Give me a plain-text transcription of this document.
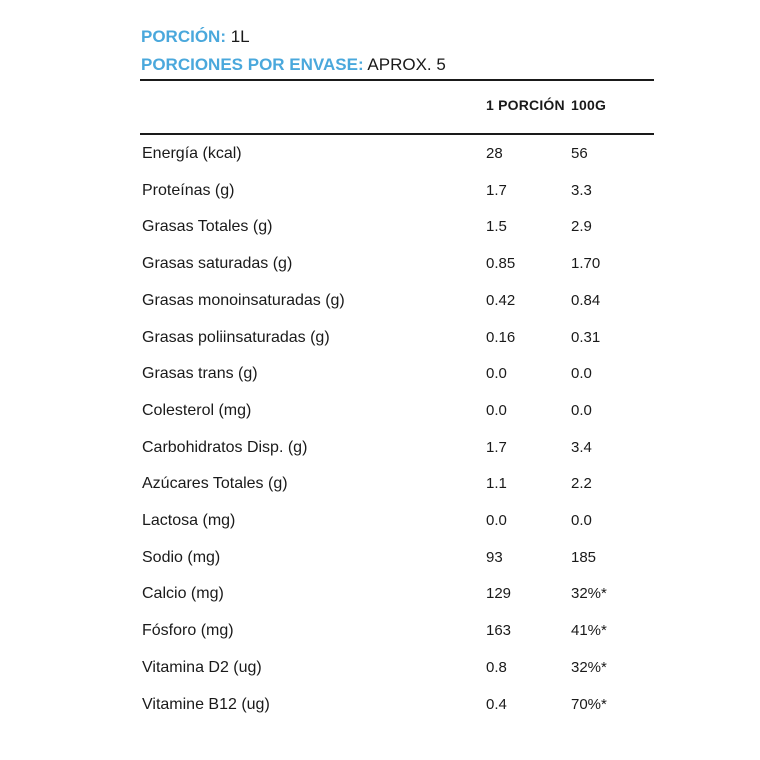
PORCIÓN: 1L
PORCIONES POR ENVASE: APROX. 5
1 PORCIÓN 100G
Energía (kcal)	28	56
Proteínas (g)	1.7	3.3
Grasas Totales (g)	1.5	2.9
Grasas saturadas (g)	0.85	1.70
Grasas monoinsaturadas (g)	0.42	0.84
Grasas poliinsaturadas (g)	0.16	0.31
Grasas trans (g)	0.0	0.0
Colesterol (mg)	0.0	0.0
Carbohidratos Disp. (g)	1.7	3.4
Azúcares Totales (g)	1.1	2.2
Lactosa (mg)	0.0	0.0
Sodio (mg)	93	185
Calcio (mg)	129	32%*
Fósforo (mg)	163	41%*
Vitamina D2 (ug)	0.8	32%*
Vitamine B12 (ug)	0.4	70%*
